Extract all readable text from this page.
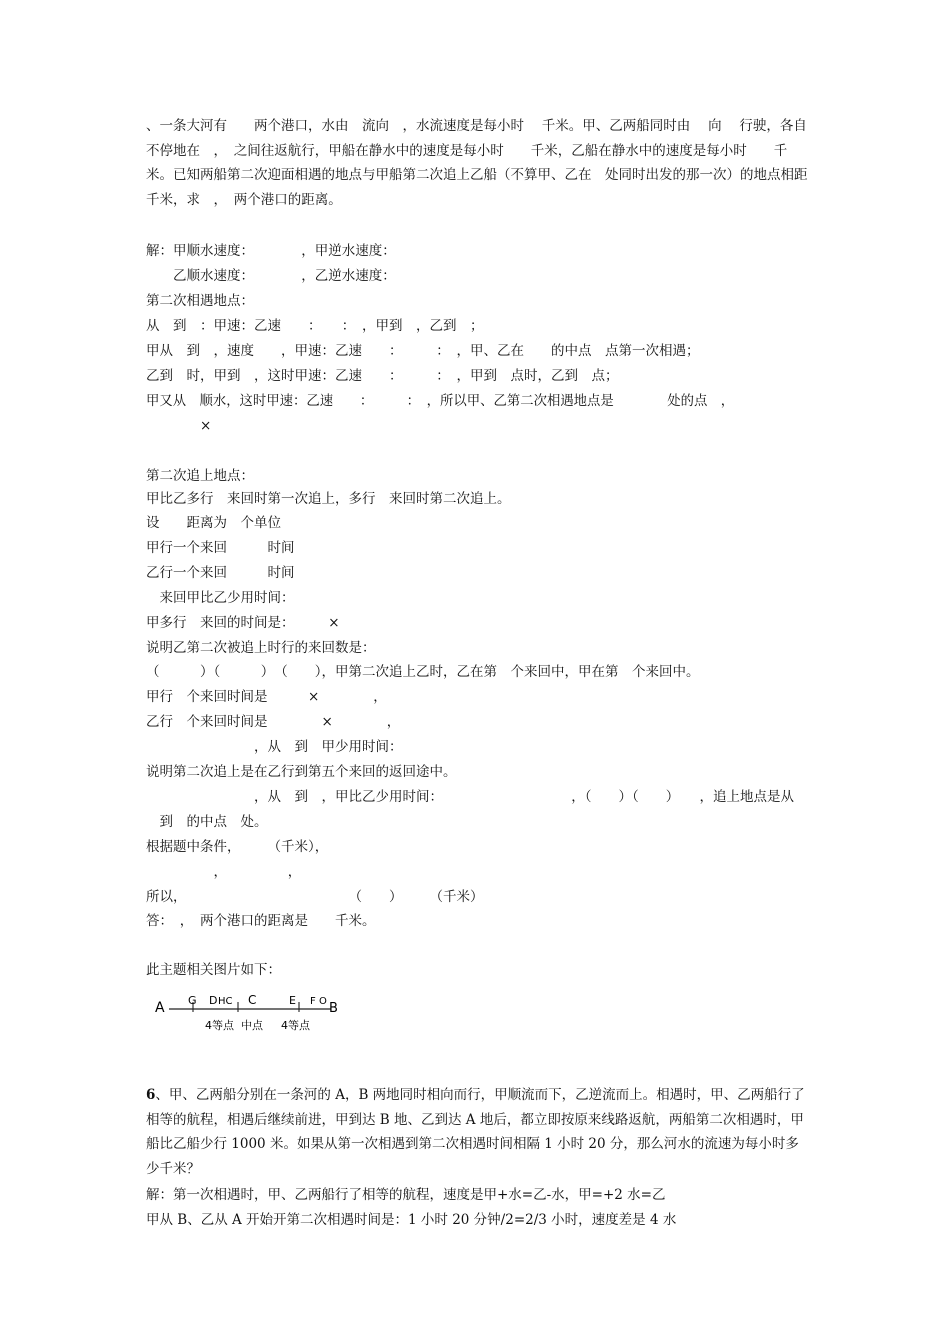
、一条大河有　　两个港口，水由　流向　，水流速度是每小时　 千米。甲、乙两船同时由　 向　 行驶，各自不停地在　，　之间往返航行，甲船在静水中的速度是每小时　　千米，乙船在静水中的速度是每小时　　千米。已知两船第二次迎面相遇的地点与甲船第二次追上乙船（不算甲、乙在　处同时出发的那一次）的地点相距　　千米，求　，　两个港口的距离。
解：甲顺水速度：　　　　，甲逆水速度：
　　乙顺水速度：　　　　，乙逆水速度：
第二次相遇地点：
从　到　：甲速：乙速　　：　　：　，甲到　，乙到　；
甲从　到　，速度　　，甲速：乙速　　：　　　：　，甲、乙在　　的中点　点第一次相遇；
乙到　时，甲到　，这时甲速：乙速　　：　　　：　，甲到　点时，乙到　点；
甲又从　顺水，这时甲速：乙速　　：　　　：　，所以甲、乙第二次相遇地点是　　　　处的点　，
　　　　×
第二次追上地点：
甲比乙多行　来回时第一次追上，多行　来回时第二次追上。
设　　距离为　个单位
甲行一个来回　　　时间
乙行一个来回　　　时间
　来回甲比乙少用时间：
甲多行　来回的时间是：　　　×
说明乙第二次被追上时行的来回数是：
（　　　）（　　　）　（　　），甲第二次追上乙时，乙在第　个来回中，甲在第　个来回中。
甲行　个来回时间是　　　×　　　　，
乙行　个来回时间是　　　　×　　　　，
　　　　　　　　，从　到　甲少用时间：
说明第二次追上是在乙行到第五个来回的返回途中。
　　　　　　　　，从　到　，甲比乙少用时间：　　　　　　　　　　，（　　）（　　）　　，追上地点是从
　到　的中点　处。
根据题中条件，　　　（千米），
　　　　　，　　　　　，
所以，　　　　　　　　　　　　　（　　）　　　（千米）
答：　，　两个港口的距离是　　千米。
此主题相关图片如下：
A G D HC C	E F O B
4等点 中点 4等点
6、甲、乙两船分别在一条河的 A，B 两地同时相向而行，甲顺流而下，乙逆流而上。相遇时，甲、乙两船行了相等的航程，相遇后继续前进，甲到达 B 地、乙到达 A 地后，都立即按原来线路返航，两船第二次相遇时，甲船比乙船少行 1000 米。如果从第一次相遇到第二次相遇时间相隔 1 小时 20 分，那么河水的流速为每小时多少千米？
解：第一次相遇时，甲、乙两船行了相等的航程，速度是甲+水=乙-水，甲=+2 水=乙
甲从 B、乙从 A 开始开第二次相遇时间是：1 小时 20 分钟/2=2/3 小时，速度差是 4 水
